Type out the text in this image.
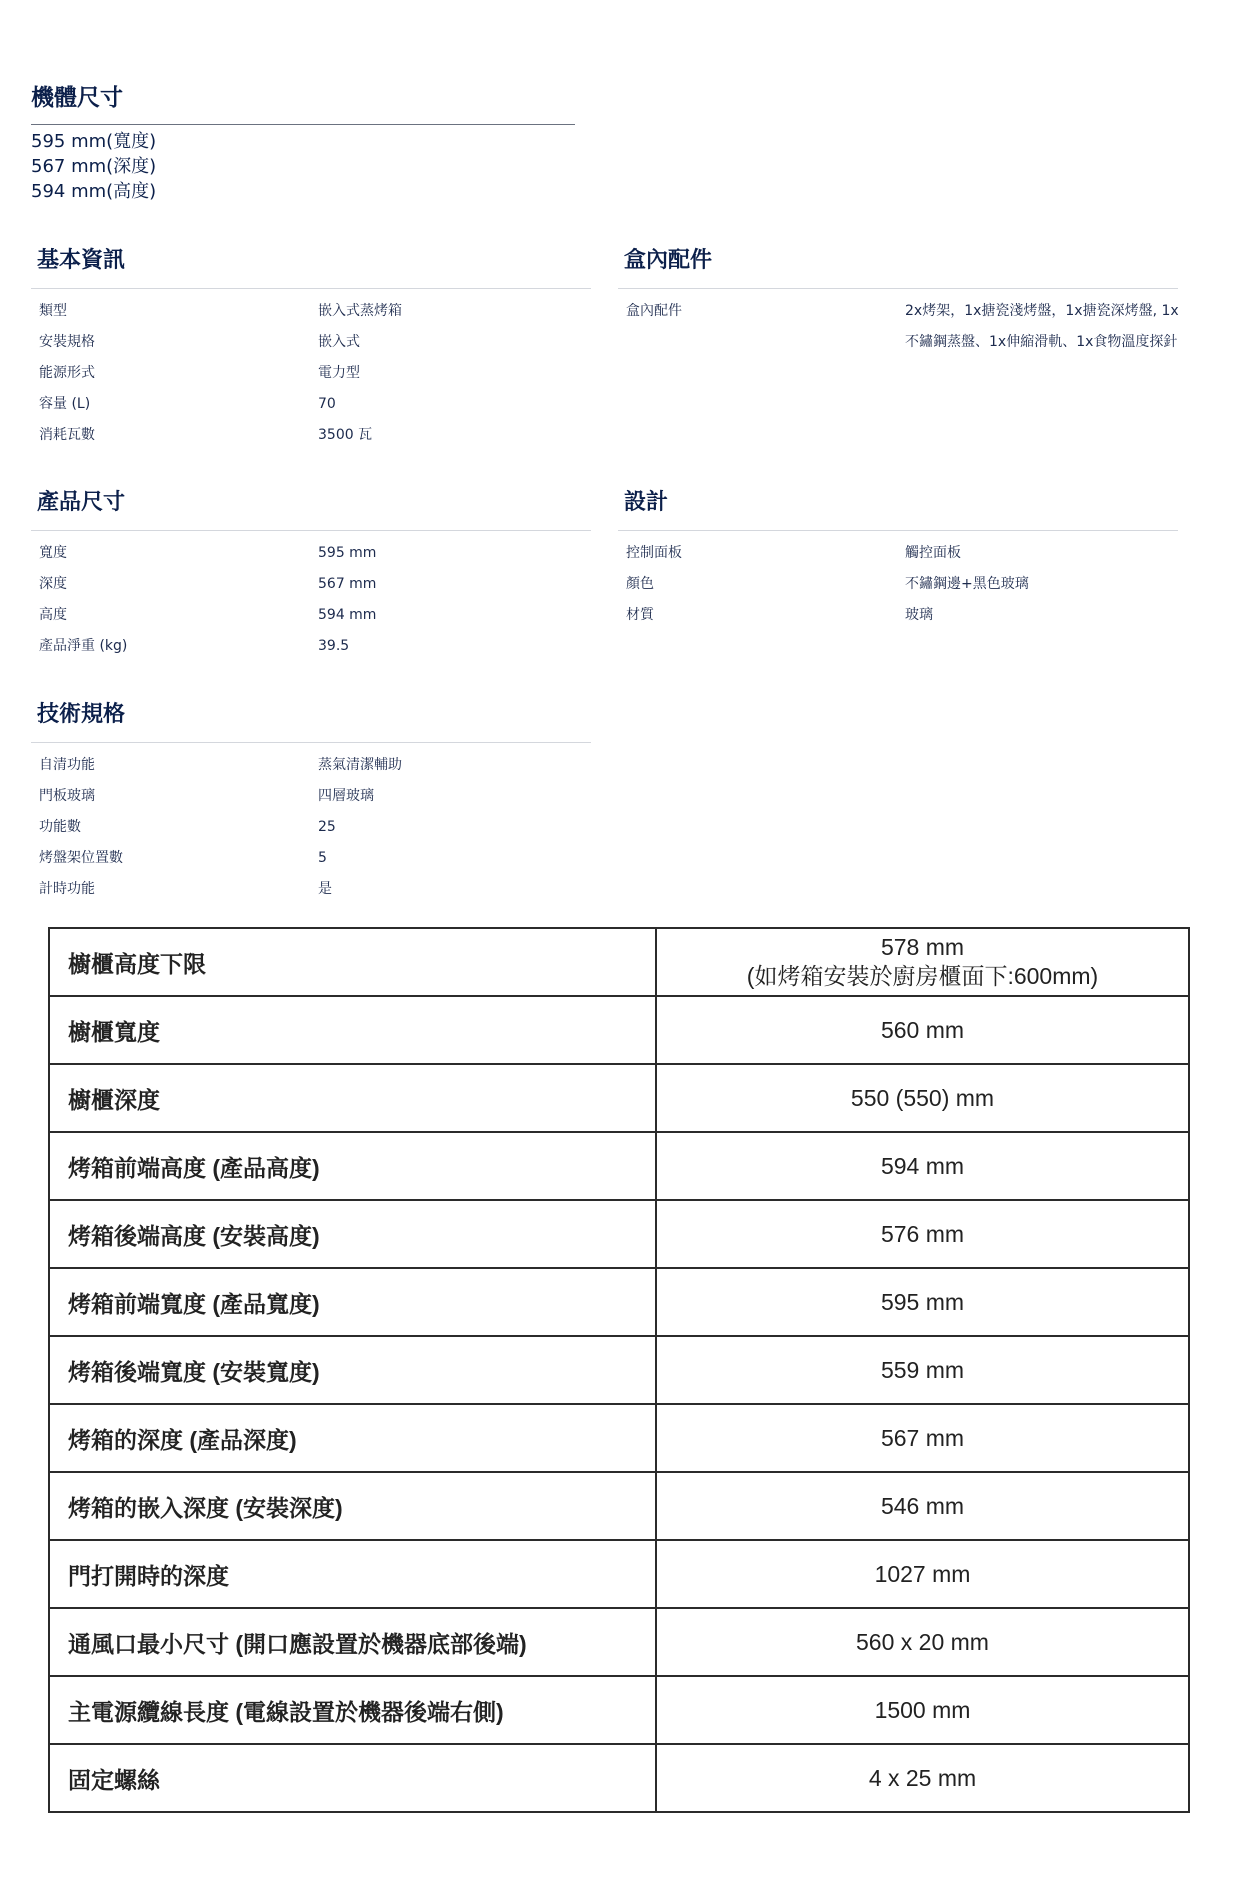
機體尺寸
595 mm(寬度)
567 mm(深度)
594 mm(高度)
基本資訊
類型	嵌入式蒸烤箱
安裝規格	嵌入式
能源形式	電力型
容量 (L)	70
消耗瓦數	3500 瓦
盒內配件
盒內配件	2x烤架，1x搪瓷淺烤盤，1x搪瓷深烤盤, 1x不鏽鋼蒸盤、1x伸縮滑軌、1x食物溫度探針
產品尺寸
寬度	595 mm
深度	567 mm
高度	594 mm
產品淨重 (kg)	39.5
設計
控制面板	觸控面板
顏色	不鏽鋼邊+黑色玻璃
材質	玻璃
技術規格
自清功能	蒸氣清潔輔助
門板玻璃	四層玻璃
功能數	25
烤盤架位置數	5
計時功能	是
櫥櫃高度下限	578 mm
(如烤箱安裝於廚房櫃面下:600mm)

櫥櫃寬度	560 mm
櫥櫃深度	550 (550) mm
烤箱前端高度 (產品高度)	594 mm
烤箱後端高度 (安裝高度)	576 mm
烤箱前端寬度 (產品寬度)	595 mm
烤箱後端寬度 (安裝寬度)	559 mm
烤箱的深度 (產品深度)	567 mm
烤箱的嵌入深度 (安裝深度)	546 mm
門打開時的深度	1027 mm
通風口最小尺寸 (開口應設置於機器底部後端)	560 x 20 mm
主電源纜線長度 (電線設置於機器後端右側)	1500 mm
固定螺絲	4 x 25 mm
